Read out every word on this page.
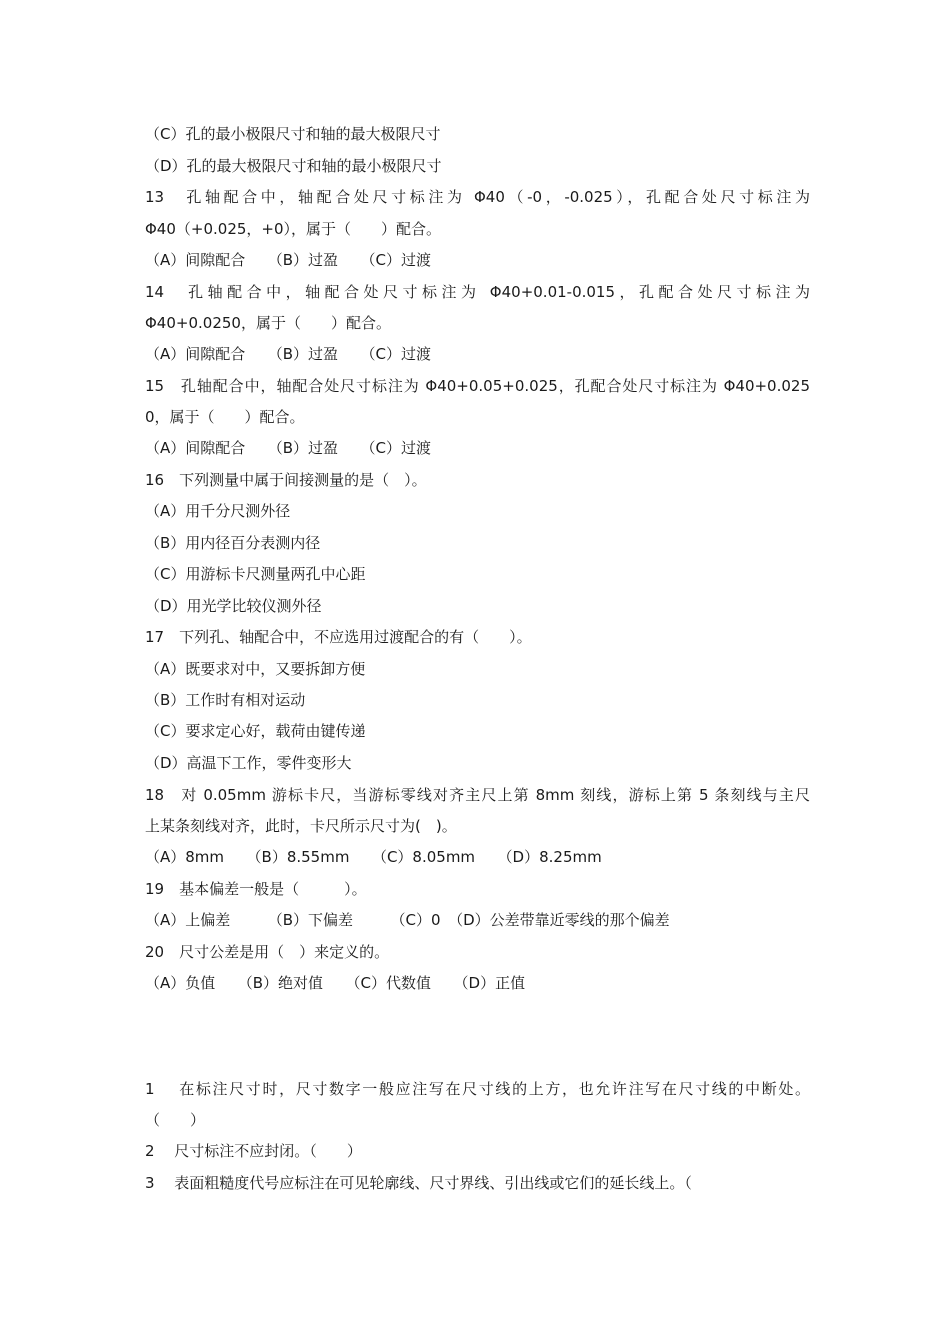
（C）孔的最小极限尺寸和轴的最大极限尺寸
（D）孔的最大极限尺寸和轴的最小极限尺寸
13　孔轴配合中，轴配合处尺寸标注为 Φ40（-0，-0.025），孔配合处尺寸标注为
Φ40（+0.025，+0），属于（　　）配合。
（A）间隙配合　　（B）过盈　　（C）过渡
14　孔轴配合中，轴配合处尺寸标注为 Φ40+0.01-0.015，孔配合处尺寸标注为
Φ40+0.0250，属于（　　）配合。
（A）间隙配合　　（B）过盈　　（C）过渡
15　孔轴配合中，轴配合处尺寸标注为 Φ40+0.05+0.025，孔配合处尺寸标注为 Φ40+0.025
0，属于（　　）配合。
（A）间隙配合　　（B）过盈　　（C）过渡
16　下列测量中属于间接测量的是（　）。
（A）用千分尺测外径
（B）用内径百分表测内径
（C）用游标卡尺测量两孔中心距
（D）用光学比较仪测外径
17　下列孔、轴配合中，不应选用过渡配合的有（　　）。
（A）既要求对中，又要拆卸方便
（B）工作时有相对运动
（C）要求定心好，载荷由键传递
（D）高温下工作，零件变形大
18　对 0.05mm 游标卡尺，当游标零线对齐主尺上第 8mm 刻线，游标上第 5 条刻线与主尺
上某条刻线对齐，此时，卡尺所示尺寸为(　)。
（A）8mm　　（B）8.55mm　　（C）8.05mm　　（D）8.25mm
19　基本偏差一般是（　　　）。
（A）上偏差　　　（B）下偏差　　　（C）0　（D）公差带靠近零线的那个偏差
20　尺寸公差是用（　）来定义的。
（A）负值　　（B）绝对值　　（C）代数值　　（D）正值
1　 在标注尺寸时，尺寸数字一般应注写在尺寸线的上方，也允许注写在尺寸线的中断处。
（　　）
2　 尺寸标注不应封闭。（　　）
3　 表面粗糙度代号应标注在可见轮廓线、尺寸界线、引出线或它们的延长线上。（
